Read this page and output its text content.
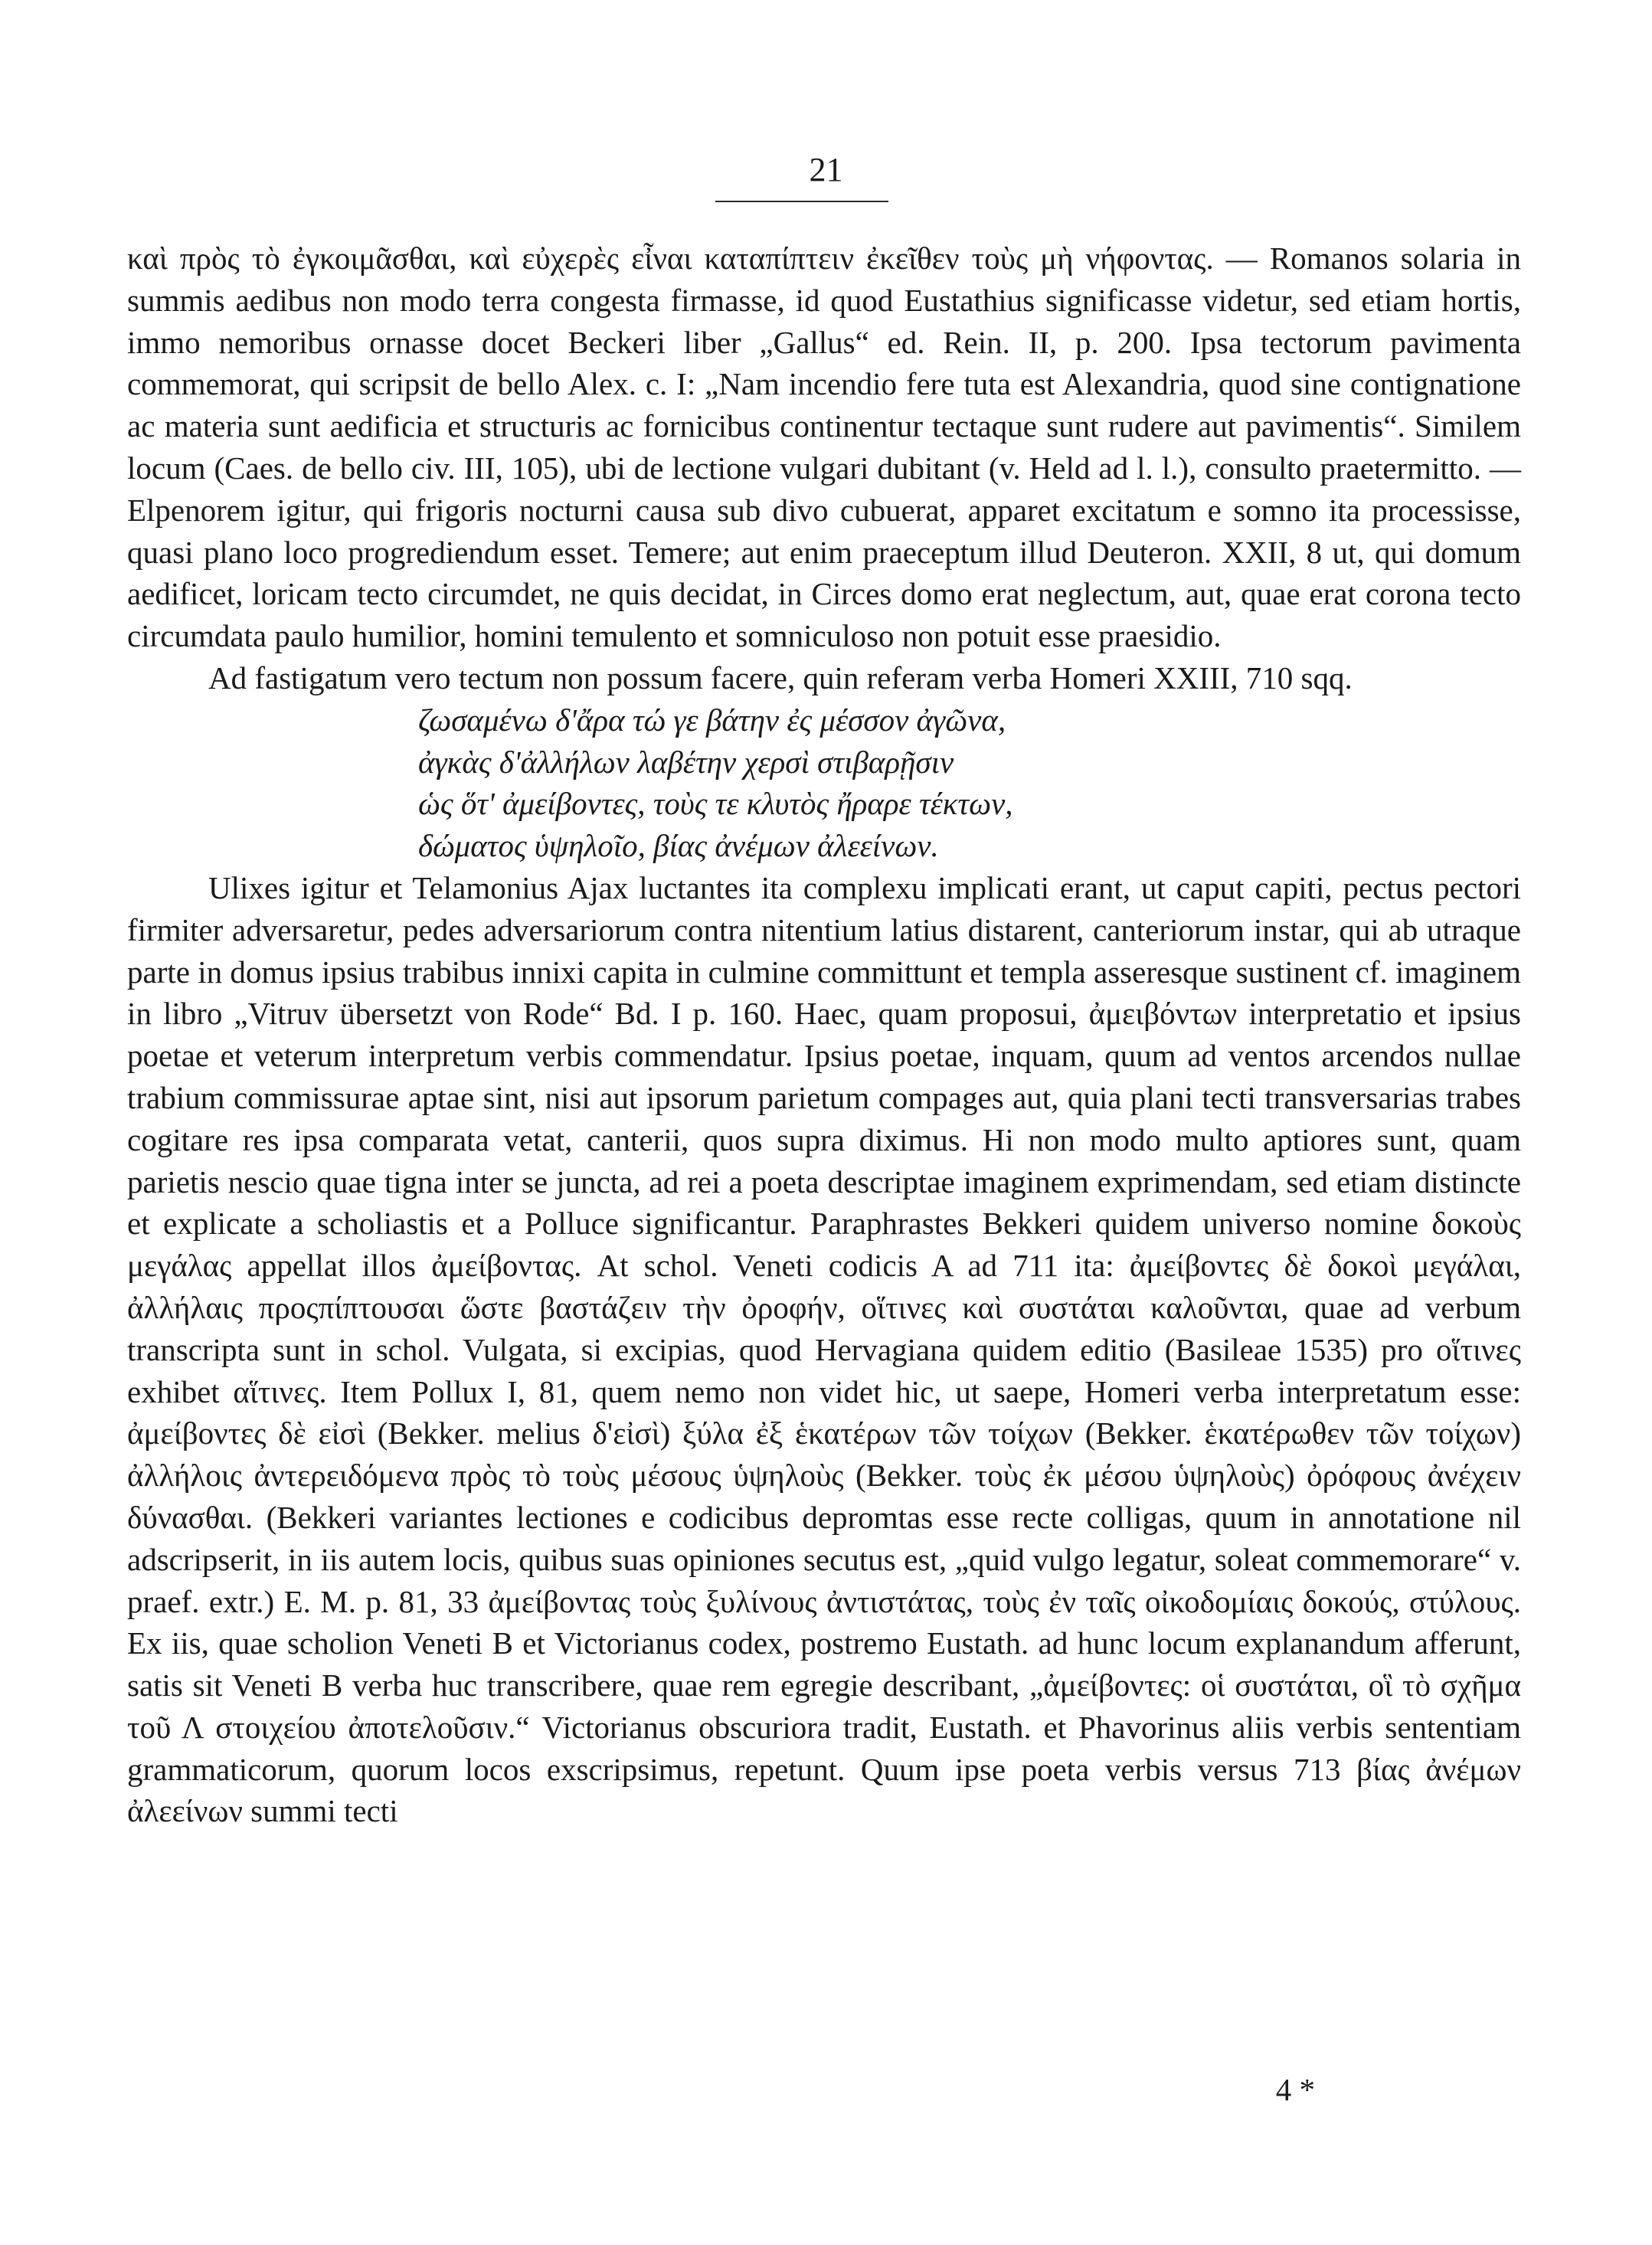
21

καὶ πρὸς τὸ ἐγκοιμᾶσθαι, καὶ εὐχερὲς εἶναι καταπίπτειν ἐκεῖθεν τοὺς μὴ νήφοντας. — Romanos solaria in summis aedibus non modo terra congesta firmasse, id quod Eustathius significasse videtur, sed etiam hortis, immo nemoribus ornasse docet Beckeri liber „Gallus“ ed. Rein. II, p. 200. Ipsa tectorum pavimenta commemorat, qui scripsit de bello Alex. c. I: „Nam incendio fere tuta est Alexandria, quod sine contignatione ac materia sunt aedificia et structuris ac fornicibus continentur tectaque sunt rudere aut pavimentis“. Similem locum (Caes. de bello civ. III, 105), ubi de lectione vulgari dubitant (v. Held ad l. l.), consulto praetermitto. — Elpenorem igitur, qui frigoris nocturni causa sub divo cubuerat, apparet excitatum e somno ita processisse, quasi plano loco progrediendum esset. Temere; aut enim praeceptum illud Deuteron. XXII, 8 ut, qui domum aedificet, loricam tecto circumdet, ne quis decidat, in Circes domo erat neglectum, aut, quae erat corona tecto circumdata paulo humilior, homini temulento et somniculoso non potuit esse praesidio.

Ad fastigatum vero tectum non possum facere, quin referam verba Homeri XXIII, 710 sqq.

ζωσαμένω δ'ἄρα τώ γε βάτην ἐς μέσσον ἀγῶνα,
ἀγκὰς δ'ἀλλήλων λαβέτην χερσὶ στιβαρῇσιν
ὡς ὅτ' ἀμείβοντες, τοὺς τε κλυτὸς ἤραρε τέκτων,
δώματος ὑψηλοῖο, βίας ἀνέμων ἀλεείνων.

Ulixes igitur et Telamonius Ajax luctantes ita complexu implicati erant, ut caput capiti, pectus pectori firmiter adversaretur, pedes adversariorum contra nitentium latius distarent, canteriorum instar, qui ab utraque parte in domus ipsius trabibus innixi capita in culmine committunt et templa asseresque sustinent cf. imaginem in libro „Vitruv übersetzt von Rode“ Bd. I p. 160. Haec, quam proposui, ἀμειβόντων interpretatio et ipsius poetae et veterum interpretum verbis commendatur. Ipsius poetae, inquam, quum ad ventos arcendos nullae trabium commissurae aptae sint, nisi aut ipsorum parietum compages aut, quia plani tecti transversarias trabes cogitare res ipsa comparata vetat, canterii, quos supra diximus. Hi non modo multo aptiores sunt, quam parietis nescio quae tigna inter se juncta, ad rei a poeta descriptae imaginem exprimendam, sed etiam distincte et explicate a scholiastis et a Polluce significantur. Paraphrastes Bekkeri quidem universo nomine δοκοὺς μεγάλας appellat illos ἀμείβοντας. At schol. Veneti codicis A ad 711 ita: ἀμείβοντες δὲ δοκοὶ μεγάλαι, ἀλλήλαις προςπίπτουσαι ὥστε βαστάζειν τὴν ὀροφήν, οἵτινες καὶ συστάται καλοῦνται, quae ad verbum transcripta sunt in schol. Vulgata, si excipias, quod Hervagiana quidem editio (Basileae 1535) pro οἵτινες exhibet αἵτινες. Item Pollux I, 81, quem nemo non videt hic, ut saepe, Homeri verba interpretatum esse: ἀμείβοντες δὲ εἰσὶ (Bekker. melius δ'εἰσὶ) ξύλα ἐξ ἑκατέρων τῶν τοίχων (Bekker. ἑκατέρωθεν τῶν τοίχων) ἀλλήλοις ἀντερειδόμενα πρὸς τὸ τοὺς μέσους ὑψηλοὺς (Bekker. τοὺς ἐκ μέσου ὑψηλοὺς) ὀρόφους ἀνέχειν δύνασθαι. (Bekkeri variantes lectiones e codicibus depromtas esse recte colligas, quum in annotatione nil adscripserit, in iis autem locis, quibus suas opiniones secutus est, „quid vulgo legatur, soleat commemorare“ v. praef. extr.) E. M. p. 81, 33 ἀμείβοντας τοὺς ξυλίνους ἀντιστάτας, τοὺς ἐν ταῖς οἰκοδομίαις δοκούς, στύλους. Ex iis, quae scholion Veneti B et Victorianus codex, postremo Eustath. ad hunc locum explanandum afferunt, satis sit Veneti B verba huc transcribere, quae rem egregie describant, „ἀμείβοντες: οἱ συστάται, οἳ τὸ σχῆμα τοῦ Λ στοιχείου ἀποτελοῦσιν.“ Victorianus obscuriora tradit, Eustath. et Phavorinus aliis verbis sententiam grammaticorum, quorum locos exscripsimus, repetunt. Quum ipse poeta verbis versus 713 βίας ἀνέμων ἀλεείνων summi tecti

4 *
